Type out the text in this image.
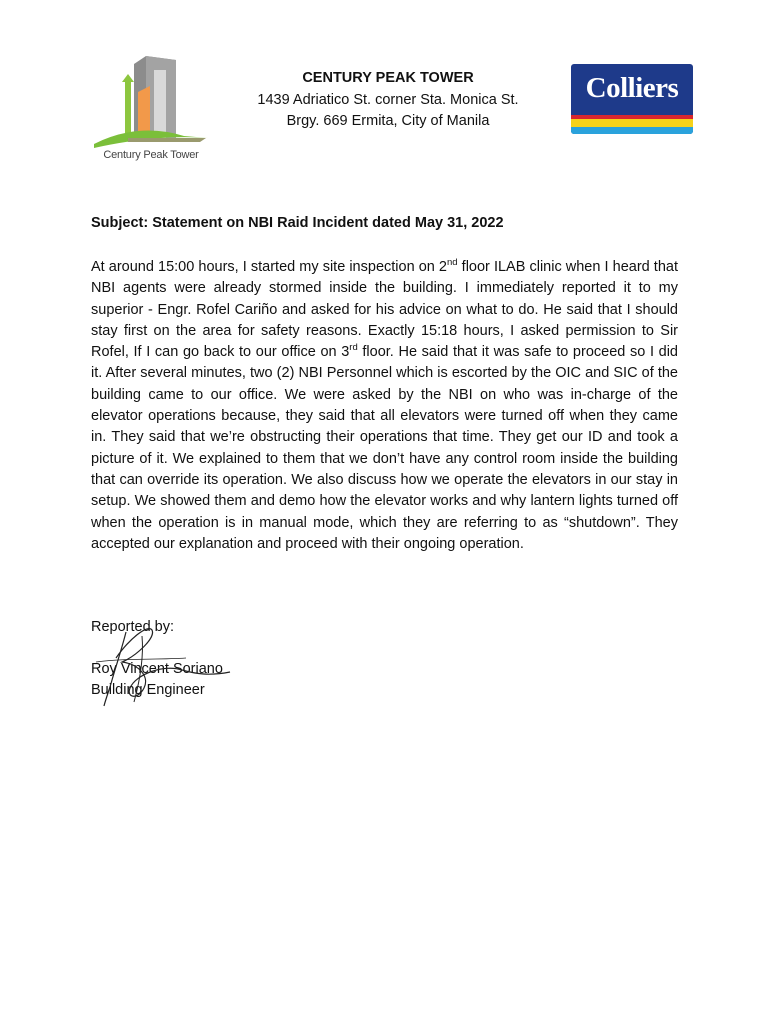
Century Peak Tower
CENTURY PEAK TOWER
1439 Adriatico St. corner Sta. Monica St.
Brgy. 669 Ermita, City of Manila
Colliers
Subject: Statement on NBI Raid Incident dated May 31, 2022

At around 15:00 hours, I started my site inspection on 2nd floor ILAB clinic when I heard that NBI agents were already stormed inside the building. I immediately reported it to my superior - Engr. Rofel Cariño and asked for his advice on what to do. He said that I should stay first on the area for safety reasons. Exactly 15:18 hours, I asked permission to Sir Rofel, If I can go back to our office on 3rd floor. He said that it was safe to proceed so I did it. After several minutes, two (2) NBI Personnel which is escorted by the OIC and SIC of the building came to our office. We were asked by the NBI on who was in-charge of the elevator operations because, they said that all elevators were turned off when they came in. They said that we’re obstructing their operations that time. They get our ID and took a picture of it. We explained to them that we don’t have any control room inside the building that can override its operation. We also discuss how we operate the elevators in our stay in setup. We showed them and demo how the elevator works and why lantern lights turned off when the operation is in manual mode, which they are referring to as “shutdown”. They accepted our explanation and proceed with their ongoing operation.

Reported by:
Roy Vincent Soriano
Building Engineer
